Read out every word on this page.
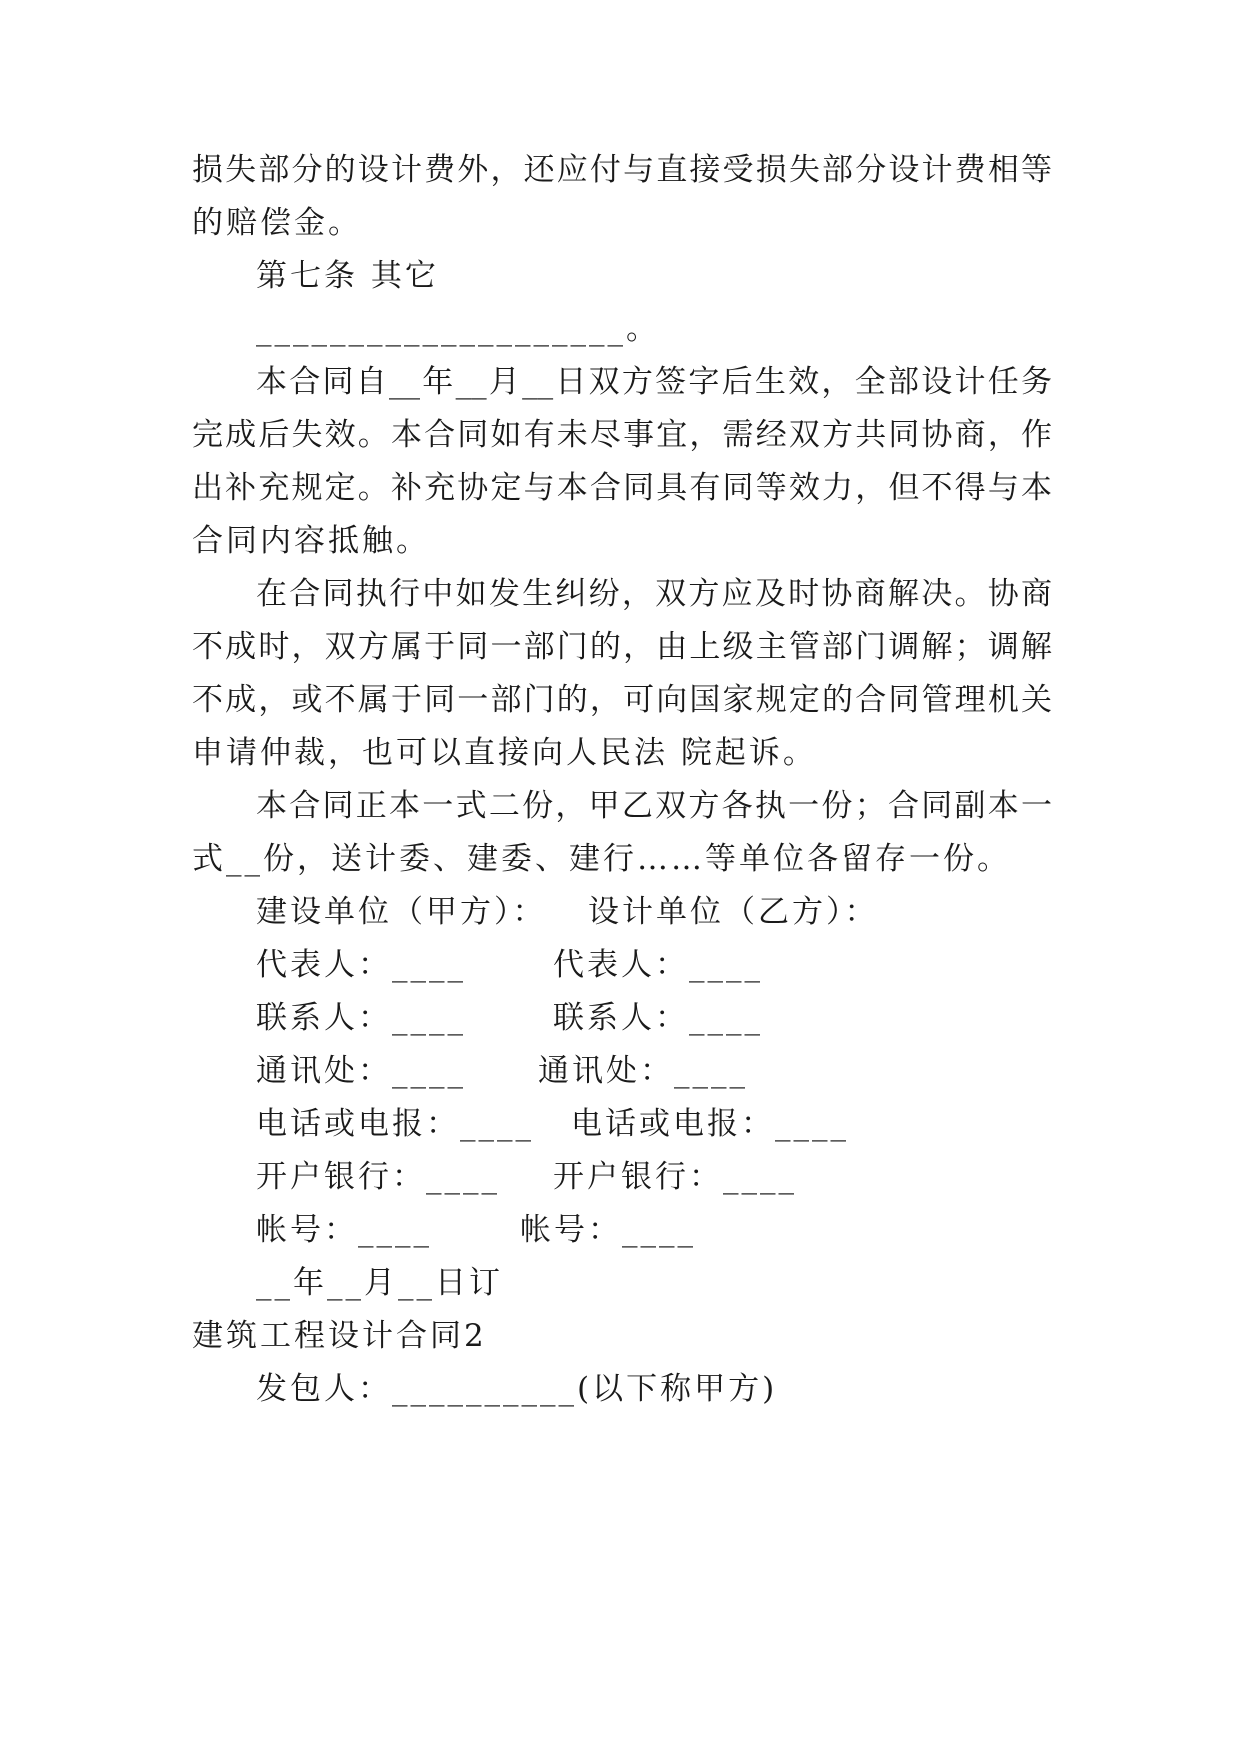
损失部分的设计费外，还应付与直接受损失部分设计费相等
的赔偿金。
第七条 其它
____________________。
本合同自__年__月__日双方签字后生效，全部设计任务
完成后失效。本合同如有未尽事宜，需经双方共同协商，作
出补充规定。补充协定与本合同具有同等效力，但不得与本
合同内容抵触。
在合同执行中如发生纠纷，双方应及时协商解决。协商
不成时，双方属于同一部门的，由上级主管部门调解；调解
不成，或不属于同一部门的，可向国家规定的合同管理机关
申请仲裁，也可以直接向人民法 院起诉。
本合同正本一式二份，甲乙双方各执一份；合同副本一
式__份，送计委、建委、建行……等单位各留存一份。
建设单位（甲方）： 设计单位（乙方）：
代表人：____	代表人：____
联系人：____	联系人：____
通讯处：____ 通讯处：____
电话或电报：____ 电话或电报：____
开户银行：____ 开户银行：____
帐号：____	帐号：____
__年__月__日订
建筑工程设计合同2
发包人：__________(以下称甲方)
